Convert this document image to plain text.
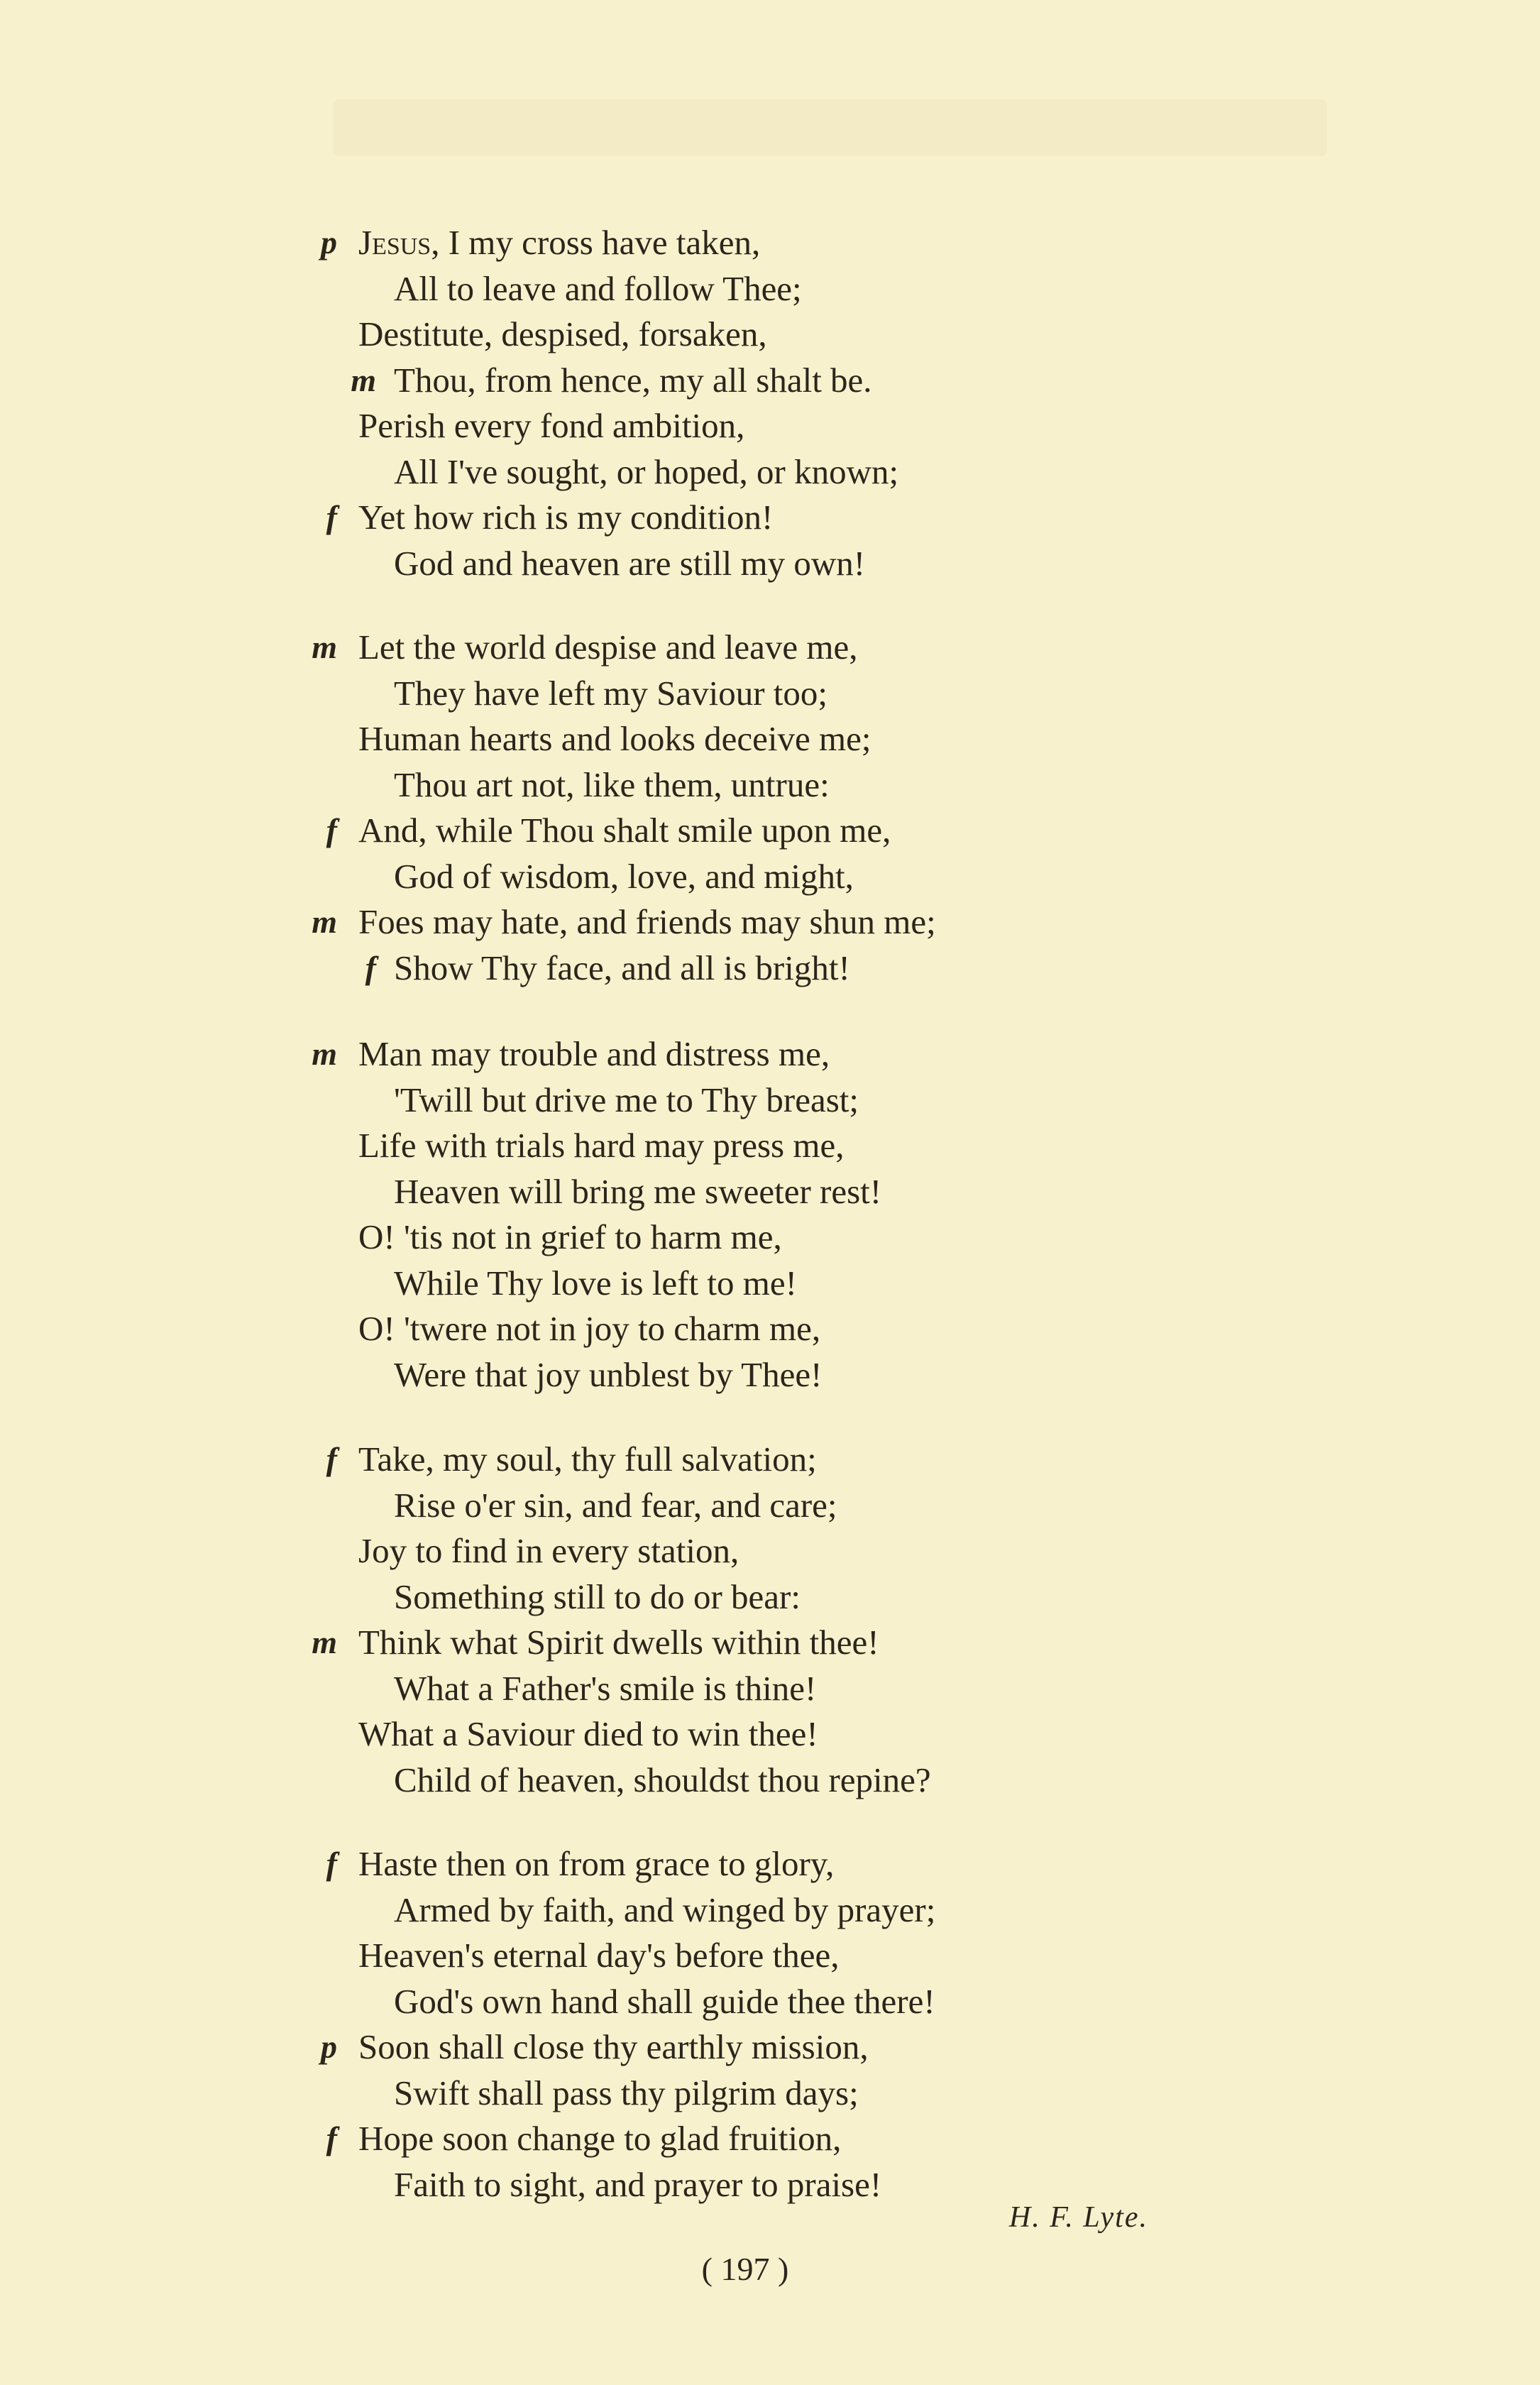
p Jesus, I my cross have taken,
All to leave and follow Thee;
Destitute, despised, forsaken,
m Thou, from hence, my all shalt be.
Perish every fond ambition,
All I've sought, or hoped, or known;
f Yet how rich is my condition!
God and heaven are still my own!
m Let the world despise and leave me,
They have left my Saviour too;
Human hearts and looks deceive me;
Thou art not, like them, untrue:
f And, while Thou shalt smile upon me,
God of wisdom, love, and might,
m Foes may hate, and friends may shun me;
f Show Thy face, and all is bright!
m Man may trouble and distress me,
'Twill but drive me to Thy breast;
Life with trials hard may press me,
Heaven will bring me sweeter rest!
O! 'tis not in grief to harm me,
While Thy love is left to me!
O! 'twere not in joy to charm me,
Were that joy unblest by Thee!
f Take, my soul, thy full salvation;
Rise o'er sin, and fear, and care;
Joy to find in every station,
Something still to do or bear:
m Think what Spirit dwells within thee!
What a Father's smile is thine!
What a Saviour died to win thee!
Child of heaven, shouldst thou repine?
f Haste then on from grace to glory,
Armed by faith, and winged by prayer;
Heaven's eternal day's before thee,
God's own hand shall guide thee there!
p Soon shall close thy earthly mission,
Swift shall pass thy pilgrim days;
f Hope soon change to glad fruition,
Faith to sight, and prayer to praise!
H. F. Lyte.
( 197 )
